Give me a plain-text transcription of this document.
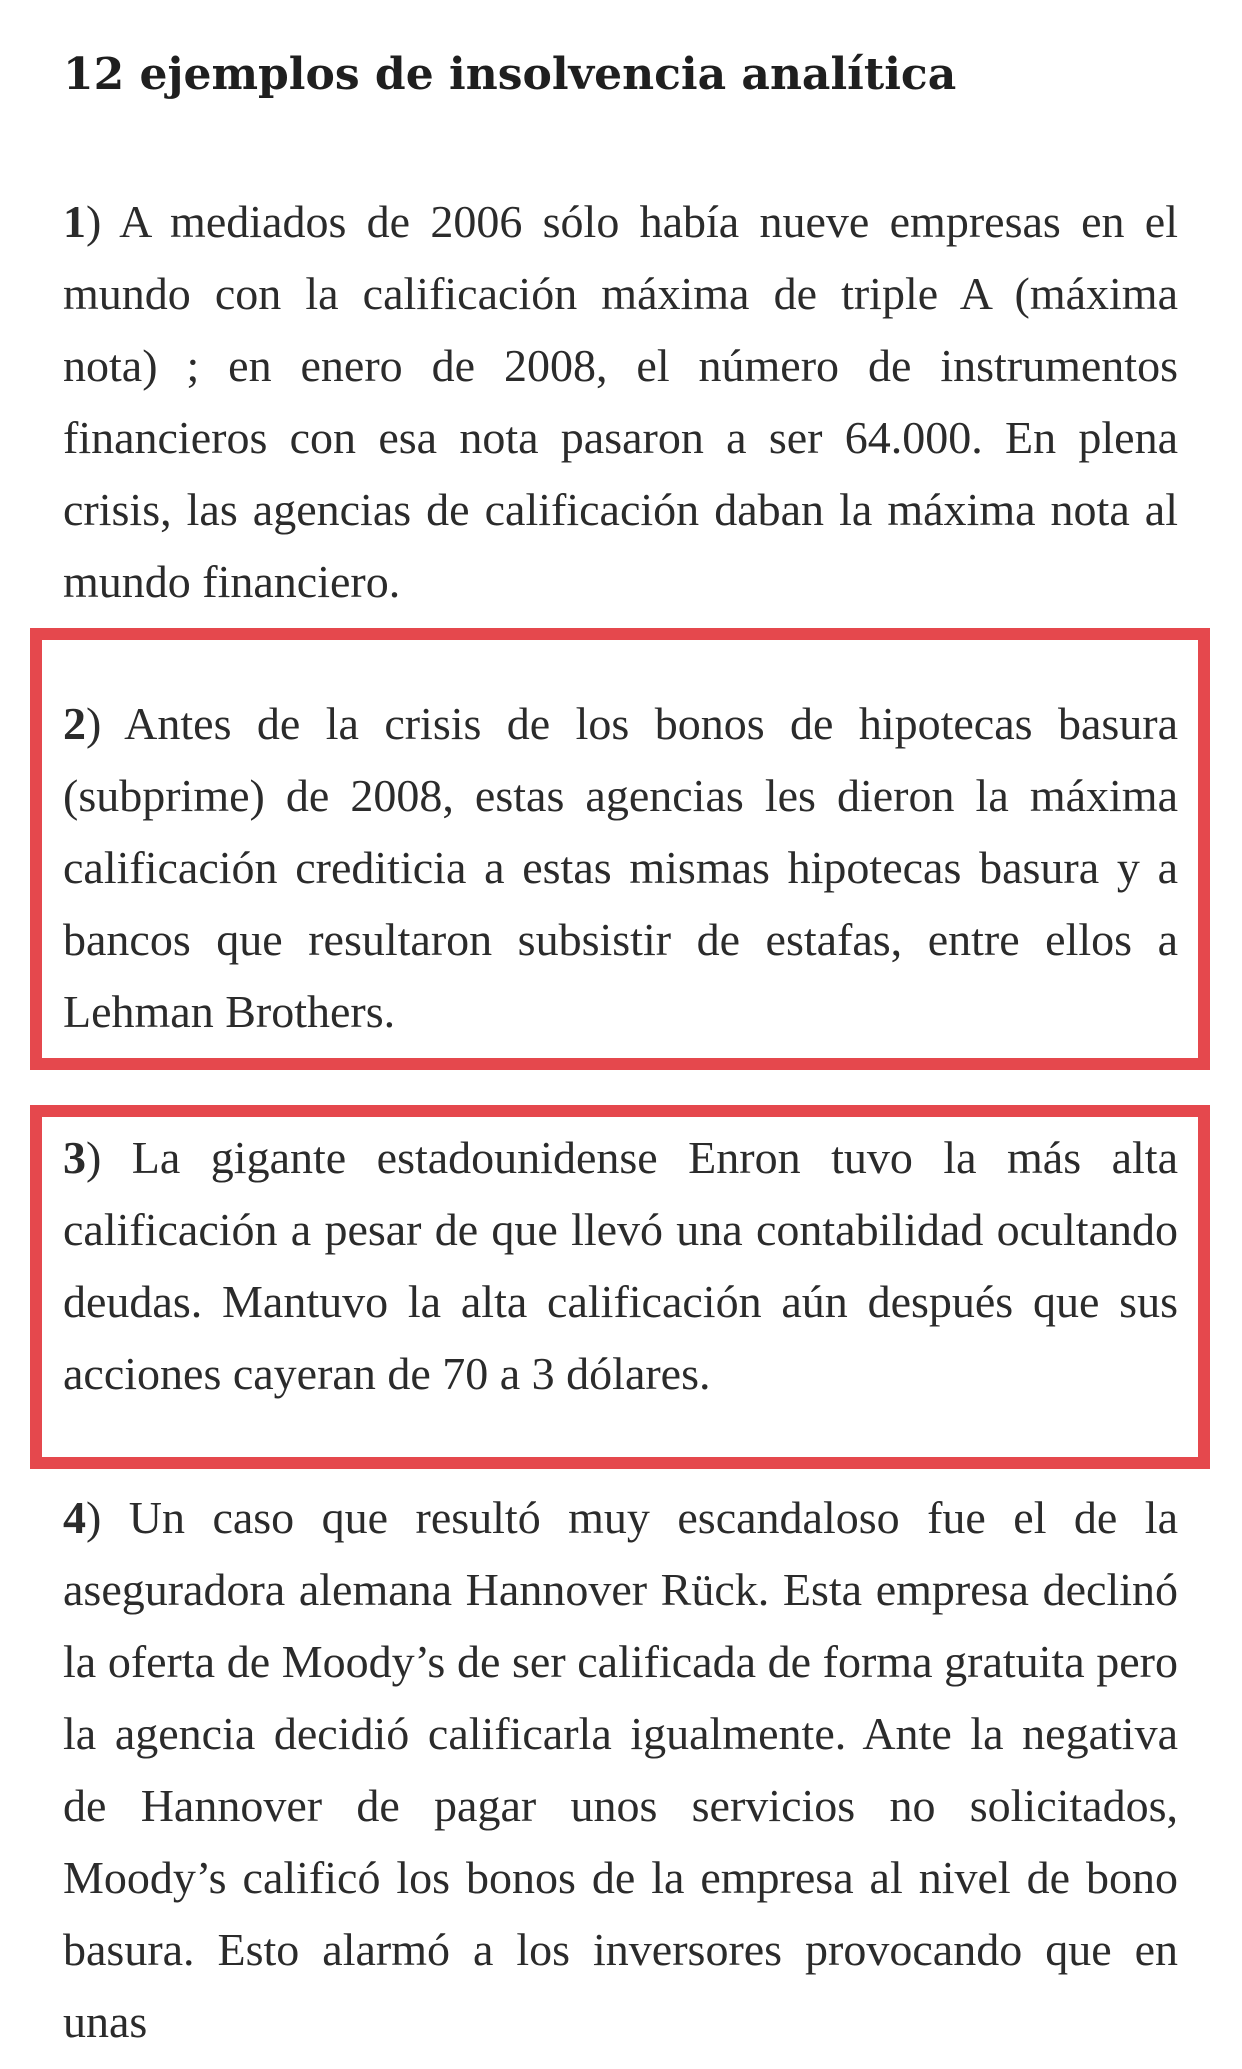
12 ejemplos de insolvencia analítica

1) A mediados de 2006 sólo había nueve empresas en el mundo con la calificación máxima de triple A (máxima nota) ; en enero de 2008, el número de instrumentos financieros con esa nota pasaron a ser 64.000. En plena crisis, las agencias de calificación daban la máxima nota al mundo financiero.

2) Antes de la crisis de los bonos de hipotecas basura (subprime) de 2008, estas agencias les dieron la máxima calificación crediticia a estas mismas hipotecas basura y a bancos que resultaron subsistir de estafas, entre ellos a Lehman Brothers.

3) La gigante estadounidense Enron tuvo la más alta calificación a pesar de que llevó una contabilidad ocultando deudas. Mantuvo la alta calificación aún después que sus acciones cayeran de 70 a 3 dólares.

4) Un caso que resultó muy escandaloso fue el de la aseguradora alemana Hannover Rück. Esta empresa declinó la oferta de Moody’s de ser calificada de forma gratuita pero la agencia decidió calificarla igualmente. Ante la negativa de Hannover de pagar unos servicios no solicitados, Moody’s calificó los bonos de la empresa al nivel de bono basura. Esto alarmó a los inversores provocando que en unas
